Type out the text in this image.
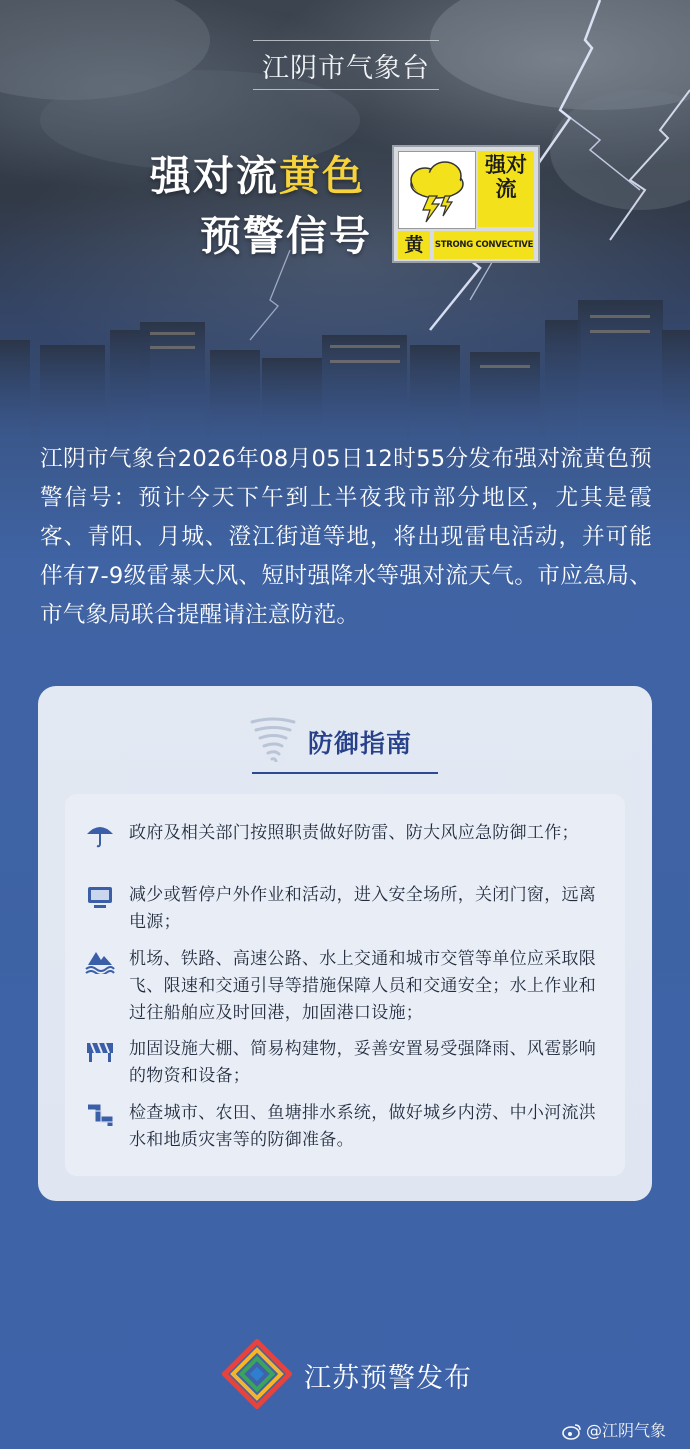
江阴市气象台
强对流黄色
预警信号
强对流
黄	STRONG CONVECTIVE
江阴市气象台2026年08月05日12时55分发布强对流黄色预警信号：预计今天下午到上半夜我市部分地区，尤其是霞客、青阳、月城、澄江街道等地，将出现雷电活动，并可能伴有7-9级雷暴大风、短时强降水等强对流天气。市应急局、市气象局联合提醒请注意防范。
防御指南
政府及相关部门按照职责做好防雷、防大风应急防御工作；
减少或暂停户外作业和活动，进入安全场所，关闭门窗，远离电源；
机场、铁路、高速公路、水上交通和城市交管等单位应采取限飞、限速和交通引导等措施保障人员和交通安全；水上作业和过往船舶应及时回港，加固港口设施；
加固设施大棚、简易构建物，妥善安置易受强降雨、风雹影响的物资和设备；
检查城市、农田、鱼塘排水系统，做好城乡内涝、中小河流洪水和地质灾害等的防御准备。
江苏预警发布
@江阴气象
